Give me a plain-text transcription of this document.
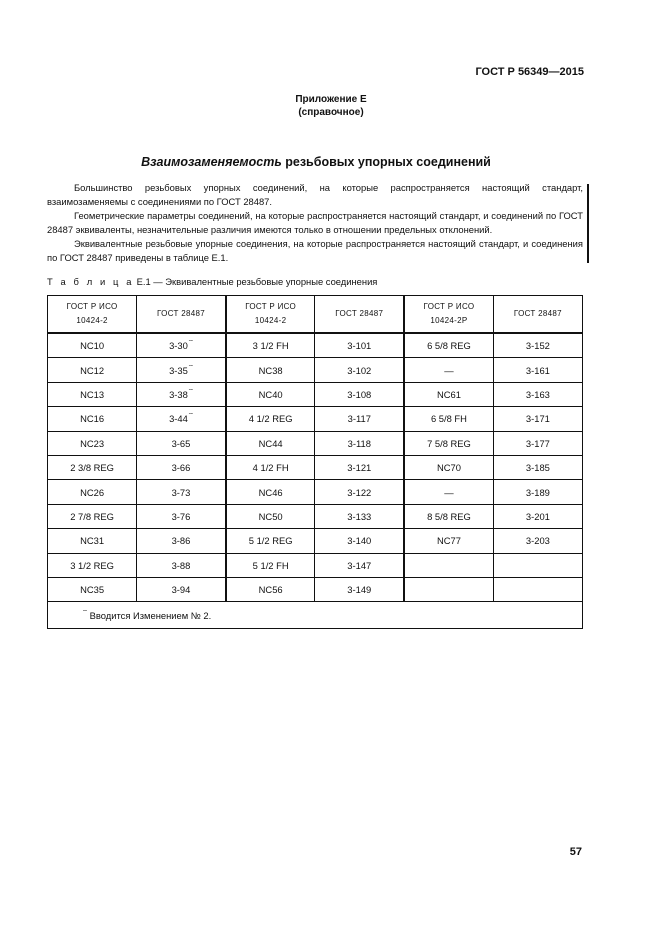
ГОСТ Р 56349—2015
Приложение Е
(справочное)
Взаимозаменяемость резьбовых упорных соединений

Большинство резьбовых упорных соединений, на которые распространяется настоящий стандарт, взаимозаменяемы с соединениями по ГОСТ 28487.

Геометрические параметры соединений, на которые распространяется настоящий стандарт, и соединений по ГОСТ 28487 эквиваленты, незначительные различия имеются только в отношении предельных отклонений.

Эквивалентные резьбовые упорные соединения, на которые распространяется настоящий стандарт, и соединения по ГОСТ 28487 приведены в таблице Е.1.

Т а б л и ц а Е.1 — Эквивалентные резьбовые упорные соединения
ГОСТ Р ИСО
10424-2	ГОСТ 28487	ГОСТ Р ИСО
10424-2	ГОСТ 28487	ГОСТ Р ИСО
10424-2Р	ГОСТ 28487
NC10	$3-30^{ˇˇ}$	3 1/2 FH	3-101	6 5/8 REG	3-152
NC12	$3-35^{ˇˇ}$	NC38	3-102	—	3-161
NC13	$3-38^{ˇˇ}$	NC40	3-108	NC61	3-163
NC16	$3-44^{ˇˇ}$	4 1/2 REG	3-117	6 5/8 FH	3-171
NC23	3-65	NC44	3-118	7 5/8 REG	3-177
2 3/8 REG	3-66	4 1/2 FH	3-121	NC70	3-185
NC26	3-73	NC46	3-122	—	3-189
2 7/8 REG	3-76	NC50	3-133	8 5/8 REG	3-201
NC31	3-86	5 1/2 REG	3-140	NC77	3-203
3 1/2 REG	3-88	5 1/2 FH	3-147		
NC35	3-94	NC56	3-149		
$^{ˇˇ}$ Вводится Изменением № 2.					
57
